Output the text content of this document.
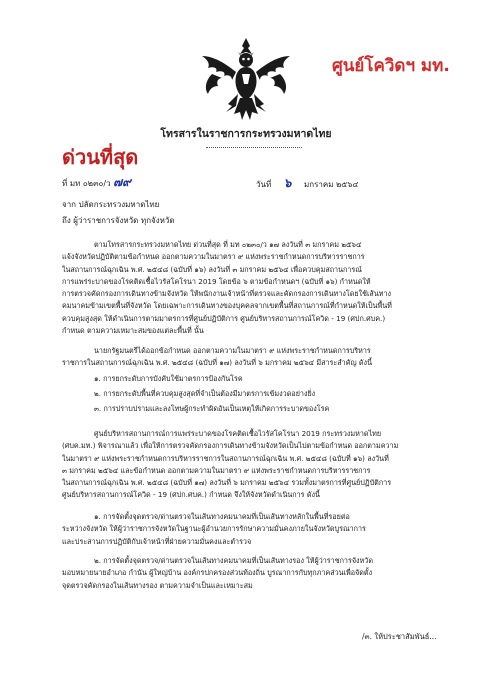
ศูนย์โควิดฯ มท.
โทรสารในราชการกระทรวงมหาดไทย
ด่วนที่สุด
ที่ มท ๐๒๓๐/ว ๗๙	วันที่ ๖ มกราคม ๒๕๖๔
จาก ปลัดกระทรวงมหาดไทย
ถึง ผู้ว่าราชการจังหวัด ทุกจังหวัด
ตามโทรสารกระทรวงมหาดไทย ด่วนที่สุด ที่ มท ๐๒๓๐/ว ๑๗ ลงวันที่ ๓ มกราคม ๒๕๖๔
แจ้งจังหวัดปฏิบัติตามข้อกำหนด ออกตามความในมาตรา ๙ แห่งพระราชกำหนดการบริหารราชการ
ในสถานการณ์ฉุกเฉิน พ.ศ. ๒๕๔๘ (ฉบับที่ ๑๖) ลงวันที่ ๓ มกราคม ๒๕๖๔ เพื่อควบคุมสถานการณ์
การแพร่ระบาดของโรคติดเชื้อไวรัสโคโรนา 2019 โดยข้อ ๖ ตามข้อกำหนดฯ (ฉบับที่ ๑๖) กำหนดให้
การตรวจคัดกรองการเดินทางข้ามจังหวัด ให้พนักงานเจ้าหน้าที่ตรวจและคัดกรองการเดินทางโดยใช้เส้นทาง
คมนาคมข้ามเขตพื้นที่จังหวัด โดยเฉพาะการเดินทางของบุคคลจากเขตพื้นที่สถานการณ์ที่กำหนดให้เป็นพื้นที่
ควบคุมสูงสุด ให้ดำเนินการตามมาตรการที่ศูนย์ปฏิบัติการ ศูนย์บริหารสถานการณ์โควิด - 19 (ศปก.ศบค.)
กำหนด ตามความเหมาะสมของแต่ละพื้นที่ นั้น
นายกรัฐมนตรีได้ออกข้อกำหนด ออกตามความในมาตรา ๙ แห่งพระราชกำหนดการบริหาร
ราชการในสถานการณ์ฉุกเฉิน พ.ศ. ๒๕๔๘ (ฉบับที่ ๑๗) ลงวันที่ ๖ มกราคม ๒๕๖๔ มีสาระสำคัญ ดังนี้
๑. การยกระดับการบังคับใช้มาตรการป้องกันโรค
๒. การยกระดับพื้นที่ควบคุมสูงสุดที่จำเป็นต้องมีมาตรการเข้มงวดอย่างยิ่ง
๓. การปราบปรามและลงโทษผู้กระทำผิดอันเป็นเหตุให้เกิดการระบาดของโรค
ศูนย์บริหารสถานการณ์การแพร่ระบาดของโรคติดเชื้อไวรัสโคโรนา 2019 กระทรวงมหาดไทย
(ศบค.มท.) พิจารณาแล้ว เพื่อให้การตรวจคัดกรองการเดินทางข้ามจังหวัดเป็นไปตามข้อกำหนด ออกตามความ
ในมาตรา ๙ แห่งพระราชกำหนดการบริหารราชการในสถานการณ์ฉุกเฉิน พ.ศ. ๒๕๔๘ (ฉบับที่ ๑๖) ลงวันที่
๓ มกราคม ๒๕๖๔ และข้อกำหนด ออกตามความในมาตรา ๙ แห่งพระราชกำหนดการบริหารราชการ
ในสถานการณ์ฉุกเฉิน พ.ศ. ๒๕๔๘ (ฉบับที่ ๑๗) ลงวันที่ ๖ มกราคม ๒๕๖๔ รวมทั้งมาตรการที่ศูนย์ปฏิบัติการ
ศูนย์บริหารสถานการณ์โควิด - 19 (ศปก.ศบค.) กำหนด จึงให้จังหวัดดำเนินการ ดังนี้
๑. การจัดตั้งจุดตรวจ/ด่านตรวจในเส้นทางคมนาคมที่เป็นเส้นทางหลักในพื้นที่รอยต่อ
ระหว่างจังหวัด ให้ผู้ว่าราชการจังหวัดในฐานะผู้อำนวยการรักษาความมั่นคงภายในจังหวัดบูรณาการ
และประสานการปฏิบัติกับเจ้าหน้าที่ฝ่ายความมั่นคงและตำรวจ
๒. การจัดตั้งจุดตรวจ/ด่านตรวจในเส้นทางคมนาคมที่เป็นเส้นทางรอง ให้ผู้ว่าราชการจังหวัด
มอบหมายนายอำเภอ กำนัน ผู้ใหญ่บ้าน องค์กรปกครองส่วนท้องถิ่น บูรณาการกับทุกภาคส่วนเพื่อจัดตั้ง
จุดตรวจคัดกรองในเส้นทางรอง ตามความจำเป็นและเหมาะสม
/๓. ให้ประชาสัมพันธ์...
